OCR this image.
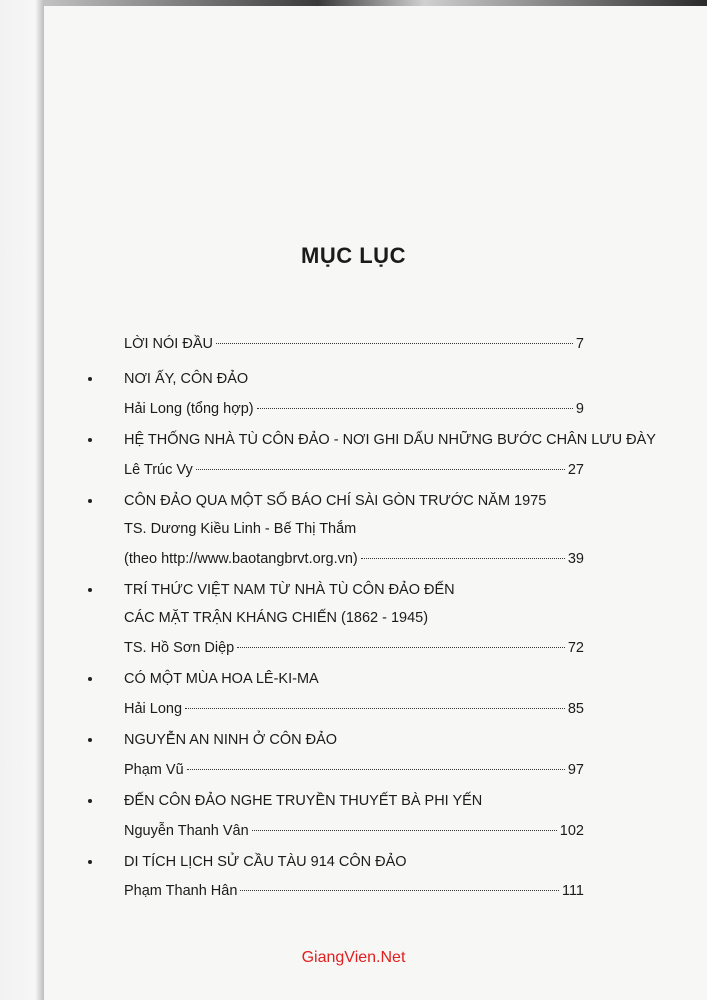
MỤC LỤC
LỜI NÓI ĐẦU	7
NƠI ẤY, CÔN ĐẢO
Hải Long (tổng hợp)	9
HỆ THỐNG NHÀ TÙ CÔN ĐẢO - NƠI GHI DẤU NHỮNG BƯỚC CHÂN LƯU ĐÀY
Lê Trúc Vy	27
CÔN ĐẢO QUA MỘT SỐ BÁO CHÍ SÀI GÒN TRƯỚC NĂM 1975
TS. Dương Kiều Linh - Bế Thị Thắm
(theo http://www.baotangbrvt.org.vn)	39
TRÍ THỨC VIỆT NAM TỪ NHÀ TÙ CÔN ĐẢO ĐẾN
CÁC MẶT TRẬN KHÁNG CHIẾN (1862 - 1945)
TS. Hồ Sơn Diệp	72
CÓ MỘT MÙA HOA LÊ-KI-MA
Hải Long	85
NGUYỄN AN NINH Ở CÔN ĐẢO
Phạm Vũ	97
ĐẾN CÔN ĐẢO NGHE TRUYỀN THUYẾT BÀ PHI YẾN
Nguyễn Thanh Vân	102
DI TÍCH LỊCH SỬ CẦU TÀU 914 CÔN ĐẢO
Phạm Thanh Hân	111
GiangVien.Net
